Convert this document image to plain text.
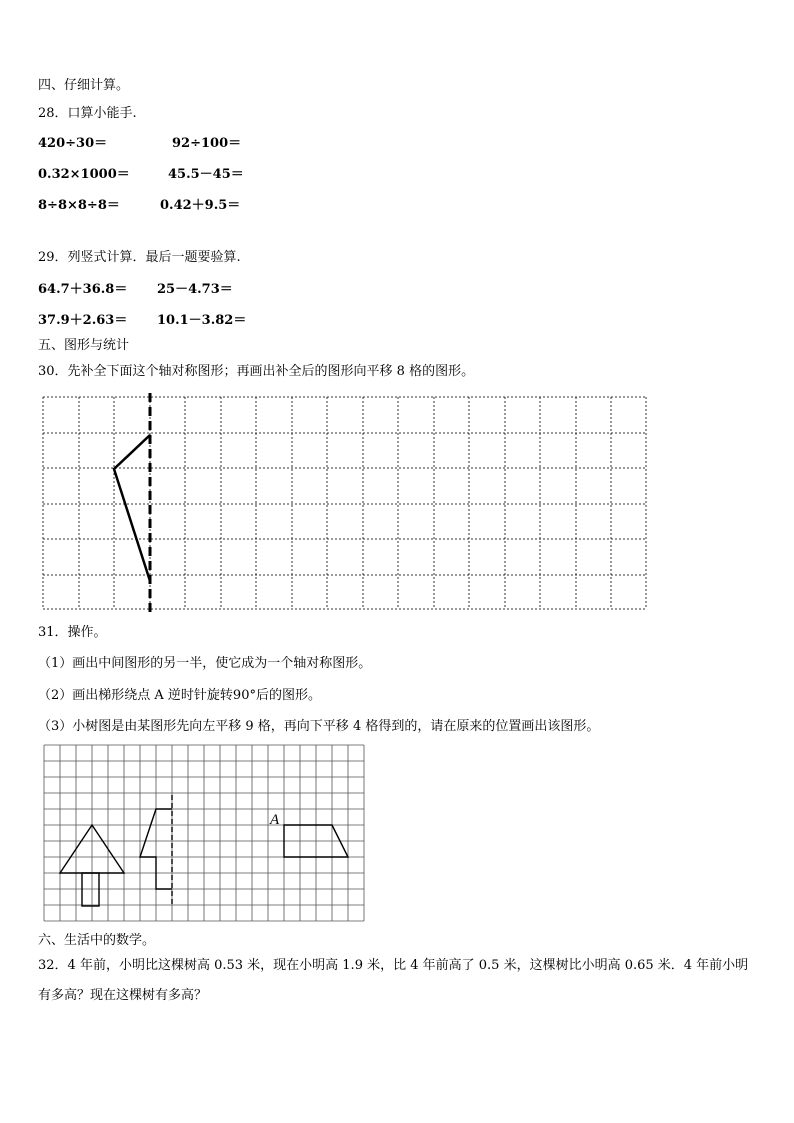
四、仔细计算。
28．口算小能手.
420÷30＝	92÷100＝
0.32×1000＝	45.5－45＝
8÷8×8÷8＝	0.42＋9.5＝
29．列竖式计算．最后一题要验算.
64.7＋36.8＝ 25－4.73＝
37.9＋2.63＝ 10.1－3.82＝
五、图形与统计
30．先补全下面这个轴对称图形；再画出补全后的图形向平移 8 格的图形。
31．操作。
（1）画出中间图形的另一半，使它成为一个轴对称图形。
（2）画出梯形绕点 A 逆时针旋转90°后的图形。
（3）小树图是由某图形先向左平移 9 格，再向下平移 4 格得到的，请在原来的位置画出该图形。
A
六、生活中的数学。
32．4 年前，小明比这棵树高 0.53 米，现在小明高 1.9 米，比 4 年前高了 0.5 米，这棵树比小明高 0.65 米．4 年前小明
有多高？现在这棵树有多高？
